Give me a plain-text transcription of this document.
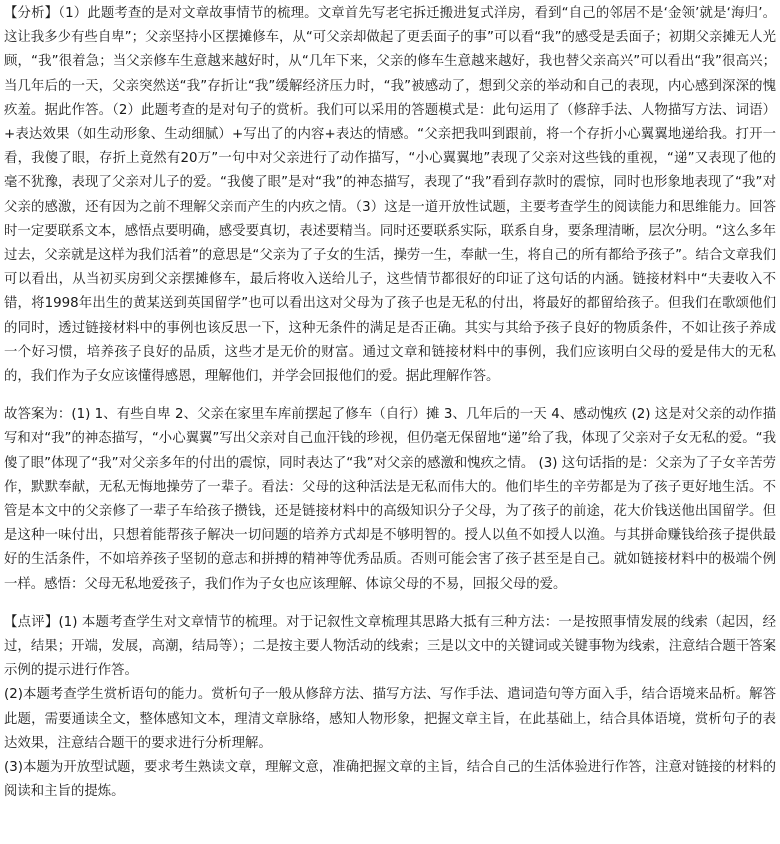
【分析】（1）此题考查的是对文章故事情节的梳理。文章首先写老宅拆迁搬进复式洋房，看到“自己的邻居不是‘金领’就是‘海归’。这让我多少有些自卑”；父亲坚持小区摆摊修车，从“可父亲却做起了更丢面子的事”可以看“我”的感受是丢面子；初期父亲摊无人光顾，“我”很着急；当父亲修车生意越来越好时，从“几年下来，父亲的修车生意越来越好，我也替父亲高兴”可以看出“我”很高兴；当几年后的一天，父亲突然送“我”存折让“我”缓解经济压力时，“我”被感动了，想到父亲的举动和自己的表现，内心感到深深的愧疚羞。据此作答。（2）此题考查的是对句子的赏析。我们可以采用的答题模式是：此句运用了（修辞手法、人物描写方法、词语）+表达效果（如生动形象、生动细腻）+写出了的内容+表达的情感。“父亲把我叫到跟前，将一个存折小心翼翼地递给我。打开一看，我傻了眼，存折上竟然有20万”一句中对父亲进行了动作描写，“小心翼翼地”表现了父亲对这些钱的重视，“递”又表现了他的毫不犹豫，表现了父亲对儿子的爱。“我傻了眼”是对“我”的神态描写，表现了“我”看到存款时的震惊，同时也形象地表现了“我”对父亲的感激，还有因为之前不理解父亲而产生的内疚之情。（3）这是一道开放性试题，主要考查学生的阅读能力和思维能力。回答时一定要联系文本，感悟点要明确，感受要真切，表述要精当。同时还要联系实际，联系自身，要条理清晰，层次分明。“这么多年过去，父亲就是这样为我们活着”的意思是“父亲为了子女的生活，操劳一生，奉献一生，将自己的所有都给予孩子”。结合文章我们可以看出，从当初买房到父亲摆摊修车，最后将收入送给儿子，这些情节都很好的印证了这句话的内涵。链接材料中“夫妻收入不错，将1998年出生的黄某送到英国留学”也可以看出这对父母为了孩子也是无私的付出，将最好的都留给孩子。但我们在歌颂他们的同时，透过链接材料中的事例也该反思一下，这种无条件的满足是否正确。其实与其给予孩子良好的物质条件，不如让孩子养成一个好习惯，培养孩子良好的品质，这些才是无价的财富。通过文章和链接材料中的事例，我们应该明白父母的爱是伟大的无私的，我们作为子女应该懂得感恩，理解他们，并学会回报他们的爱。据此理解作答。

故答案为：(1) 1、有些自卑 2、父亲在家里车库前摆起了修车（自行）摊 3、几年后的一天 4、感动愧疚 (2) 这是对父亲的动作描写和对“我”的神态描写，“小心翼翼”写出父亲对自己血汗钱的珍视，但仍毫无保留地“递”给了我，体现了父亲对子女无私的爱。“我傻了眼”体现了“我”对父亲多年的付出的震惊，同时表达了“我”对父亲的感激和愧疚之情。 (3) 这句话指的是：父亲为了子女辛苦劳作，默默奉献，无私无悔地操劳了一辈子。看法：父母的这种活法是无私而伟大的。他们毕生的辛劳都是为了孩子更好地生活。不管是本文中的父亲修了一辈子车给孩子攒钱，还是链接材料中的高级知识分子父母，为了孩子的前途，花大价钱送他出国留学。但是这种一味付出，只想着能帮孩子解决一切问题的培养方式却是不够明智的。授人以鱼不如授人以渔。与其拼命赚钱给孩子提供最好的生活条件，不如培养孩子坚韧的意志和拼搏的精神等优秀品质。否则可能会害了孩子甚至是自己。就如链接材料中的极端个例一样。感悟：父母无私地爱孩子，我们作为子女也应该理解、体谅父母的不易，回报父母的爱。

【点评】(1) 本题考查学生对文章情节的梳理。对于记叙性文章梳理其思路大抵有三种方法：一是按照事情发展的线索（起因，经过，结果；开端，发展，高潮，结局等）；二是按主要人物活动的线索；三是以文中的关键词或关键事物为线索，注意结合题干答案示例的提示进行作答。

(2)本题考查学生赏析语句的能力。赏析句子一般从修辞方法、描写方法、写作手法、遣词造句等方面入手，结合语境来品析。解答此题，需要通读全文，整体感知文本，理清文章脉络，感知人物形象，把握文章主旨，在此基础上，结合具体语境，赏析句子的表达效果，注意结合题干的要求进行分析理解。

(3)本题为开放型试题，要求考生熟读文章，理解文意，准确把握文章的主旨，结合自己的生活体验进行作答，注意对链接的材料的阅读和主旨的提炼。
